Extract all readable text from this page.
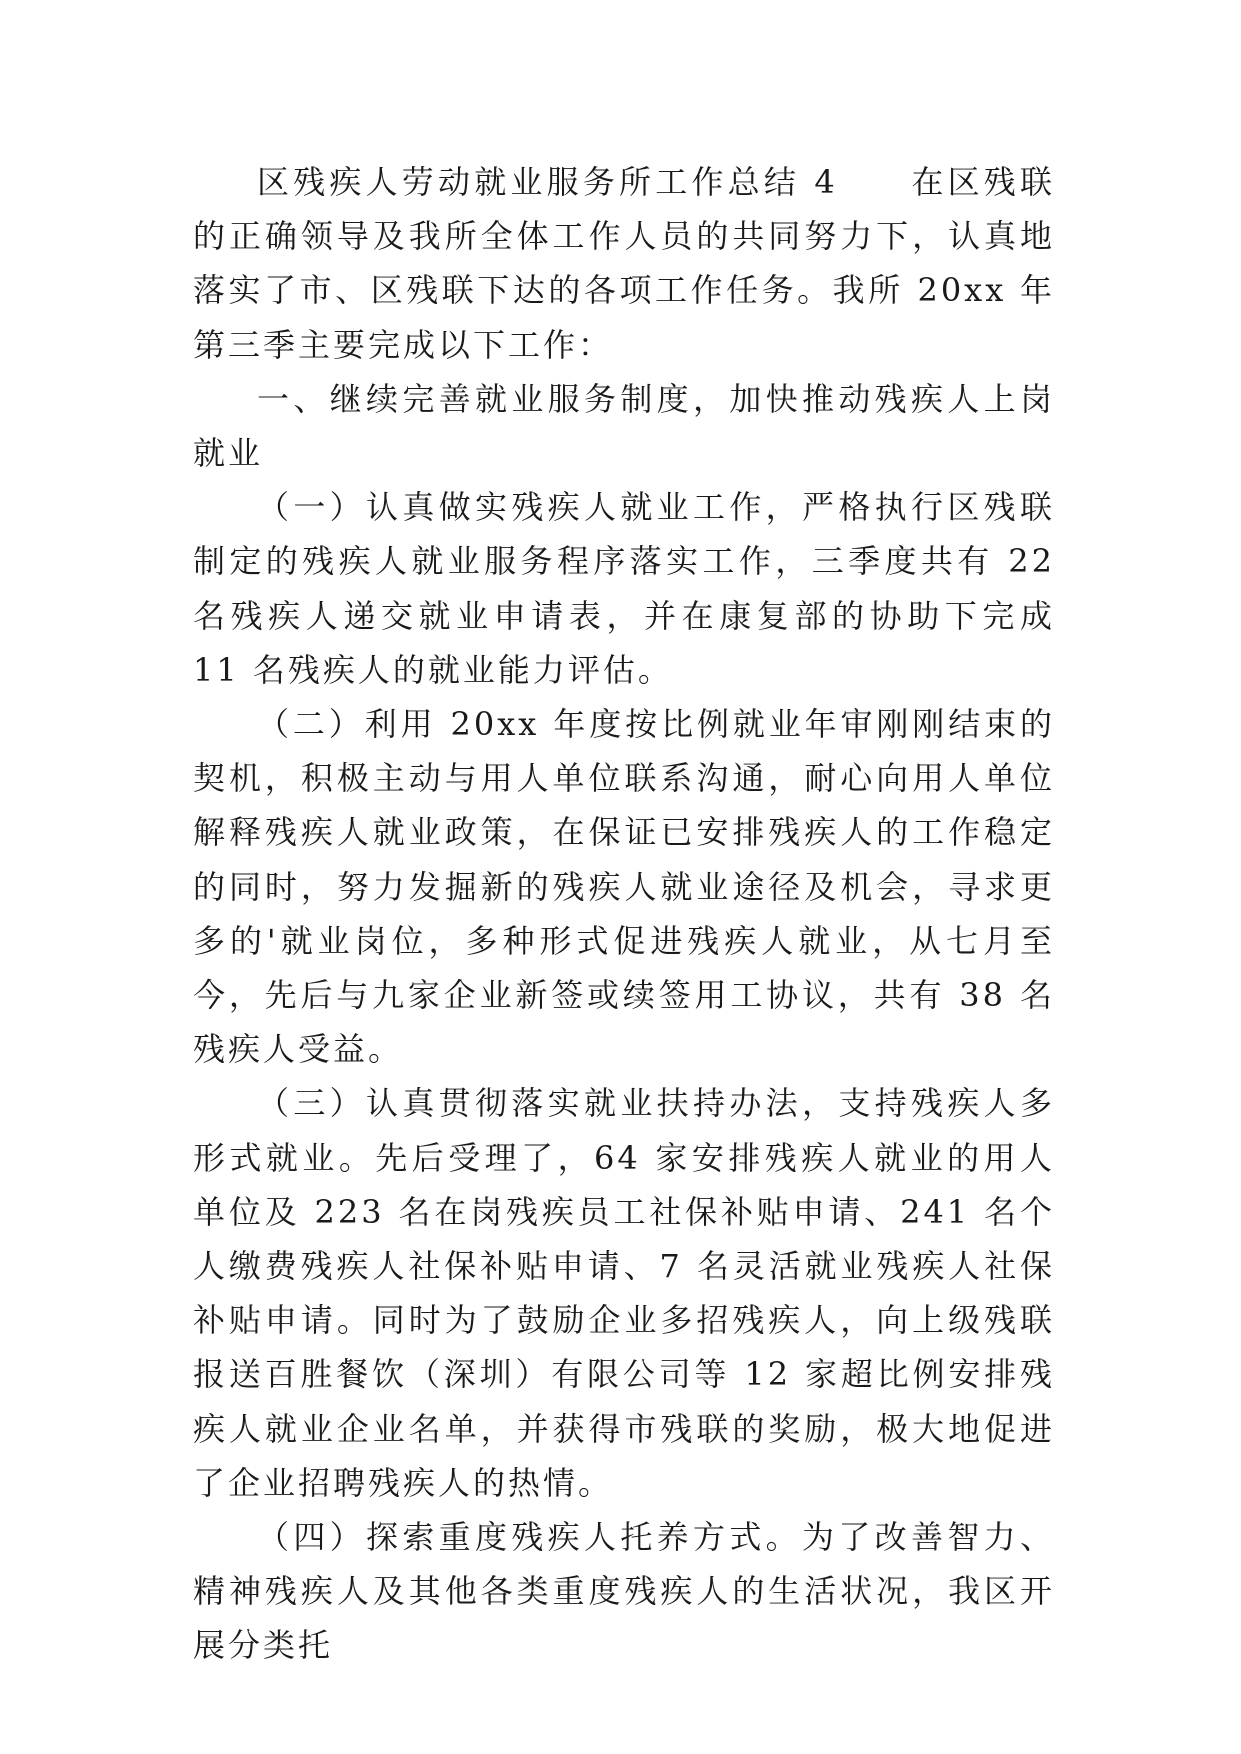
区残疾人劳动就业服务所工作总结 4　　在区残联的正确领导及我所全体工作人员的共同努力下，认真地落实了市、区残联下达的各项工作任务。我所 20xx 年第三季主要完成以下工作：

一、继续完善就业服务制度，加快推动残疾人上岗就业

（一）认真做实残疾人就业工作，严格执行区残联制定的残疾人就业服务程序落实工作，三季度共有 22 名残疾人递交就业申请表，并在康复部的协助下完成 11 名残疾人的就业能力评估。

（二）利用 20xx 年度按比例就业年审刚刚结束的契机，积极主动与用人单位联系沟通，耐心向用人单位解释残疾人就业政策，在保证已安排残疾人的工作稳定的同时，努力发掘新的残疾人就业途径及机会，寻求更多的'就业岗位，多种形式促进残疾人就业，从七月至今，先后与九家企业新签或续签用工协议，共有 38 名残疾人受益。

（三）认真贯彻落实就业扶持办法，支持残疾人多形式就业。先后受理了，64 家安排残疾人就业的用人单位及 223 名在岗残疾员工社保补贴申请、241 名个人缴费残疾人社保补贴申请、7 名灵活就业残疾人社保补贴申请。同时为了鼓励企业多招残疾人，向上级残联报送百胜餐饮（深圳）有限公司等 12 家超比例安排残疾人就业企业名单，并获得市残联的奖励，极大地促进了企业招聘残疾人的热情。

（四）探索重度残疾人托养方式。为了改善智力、精神残疾人及其他各类重度残疾人的生活状况，我区开展分类托
